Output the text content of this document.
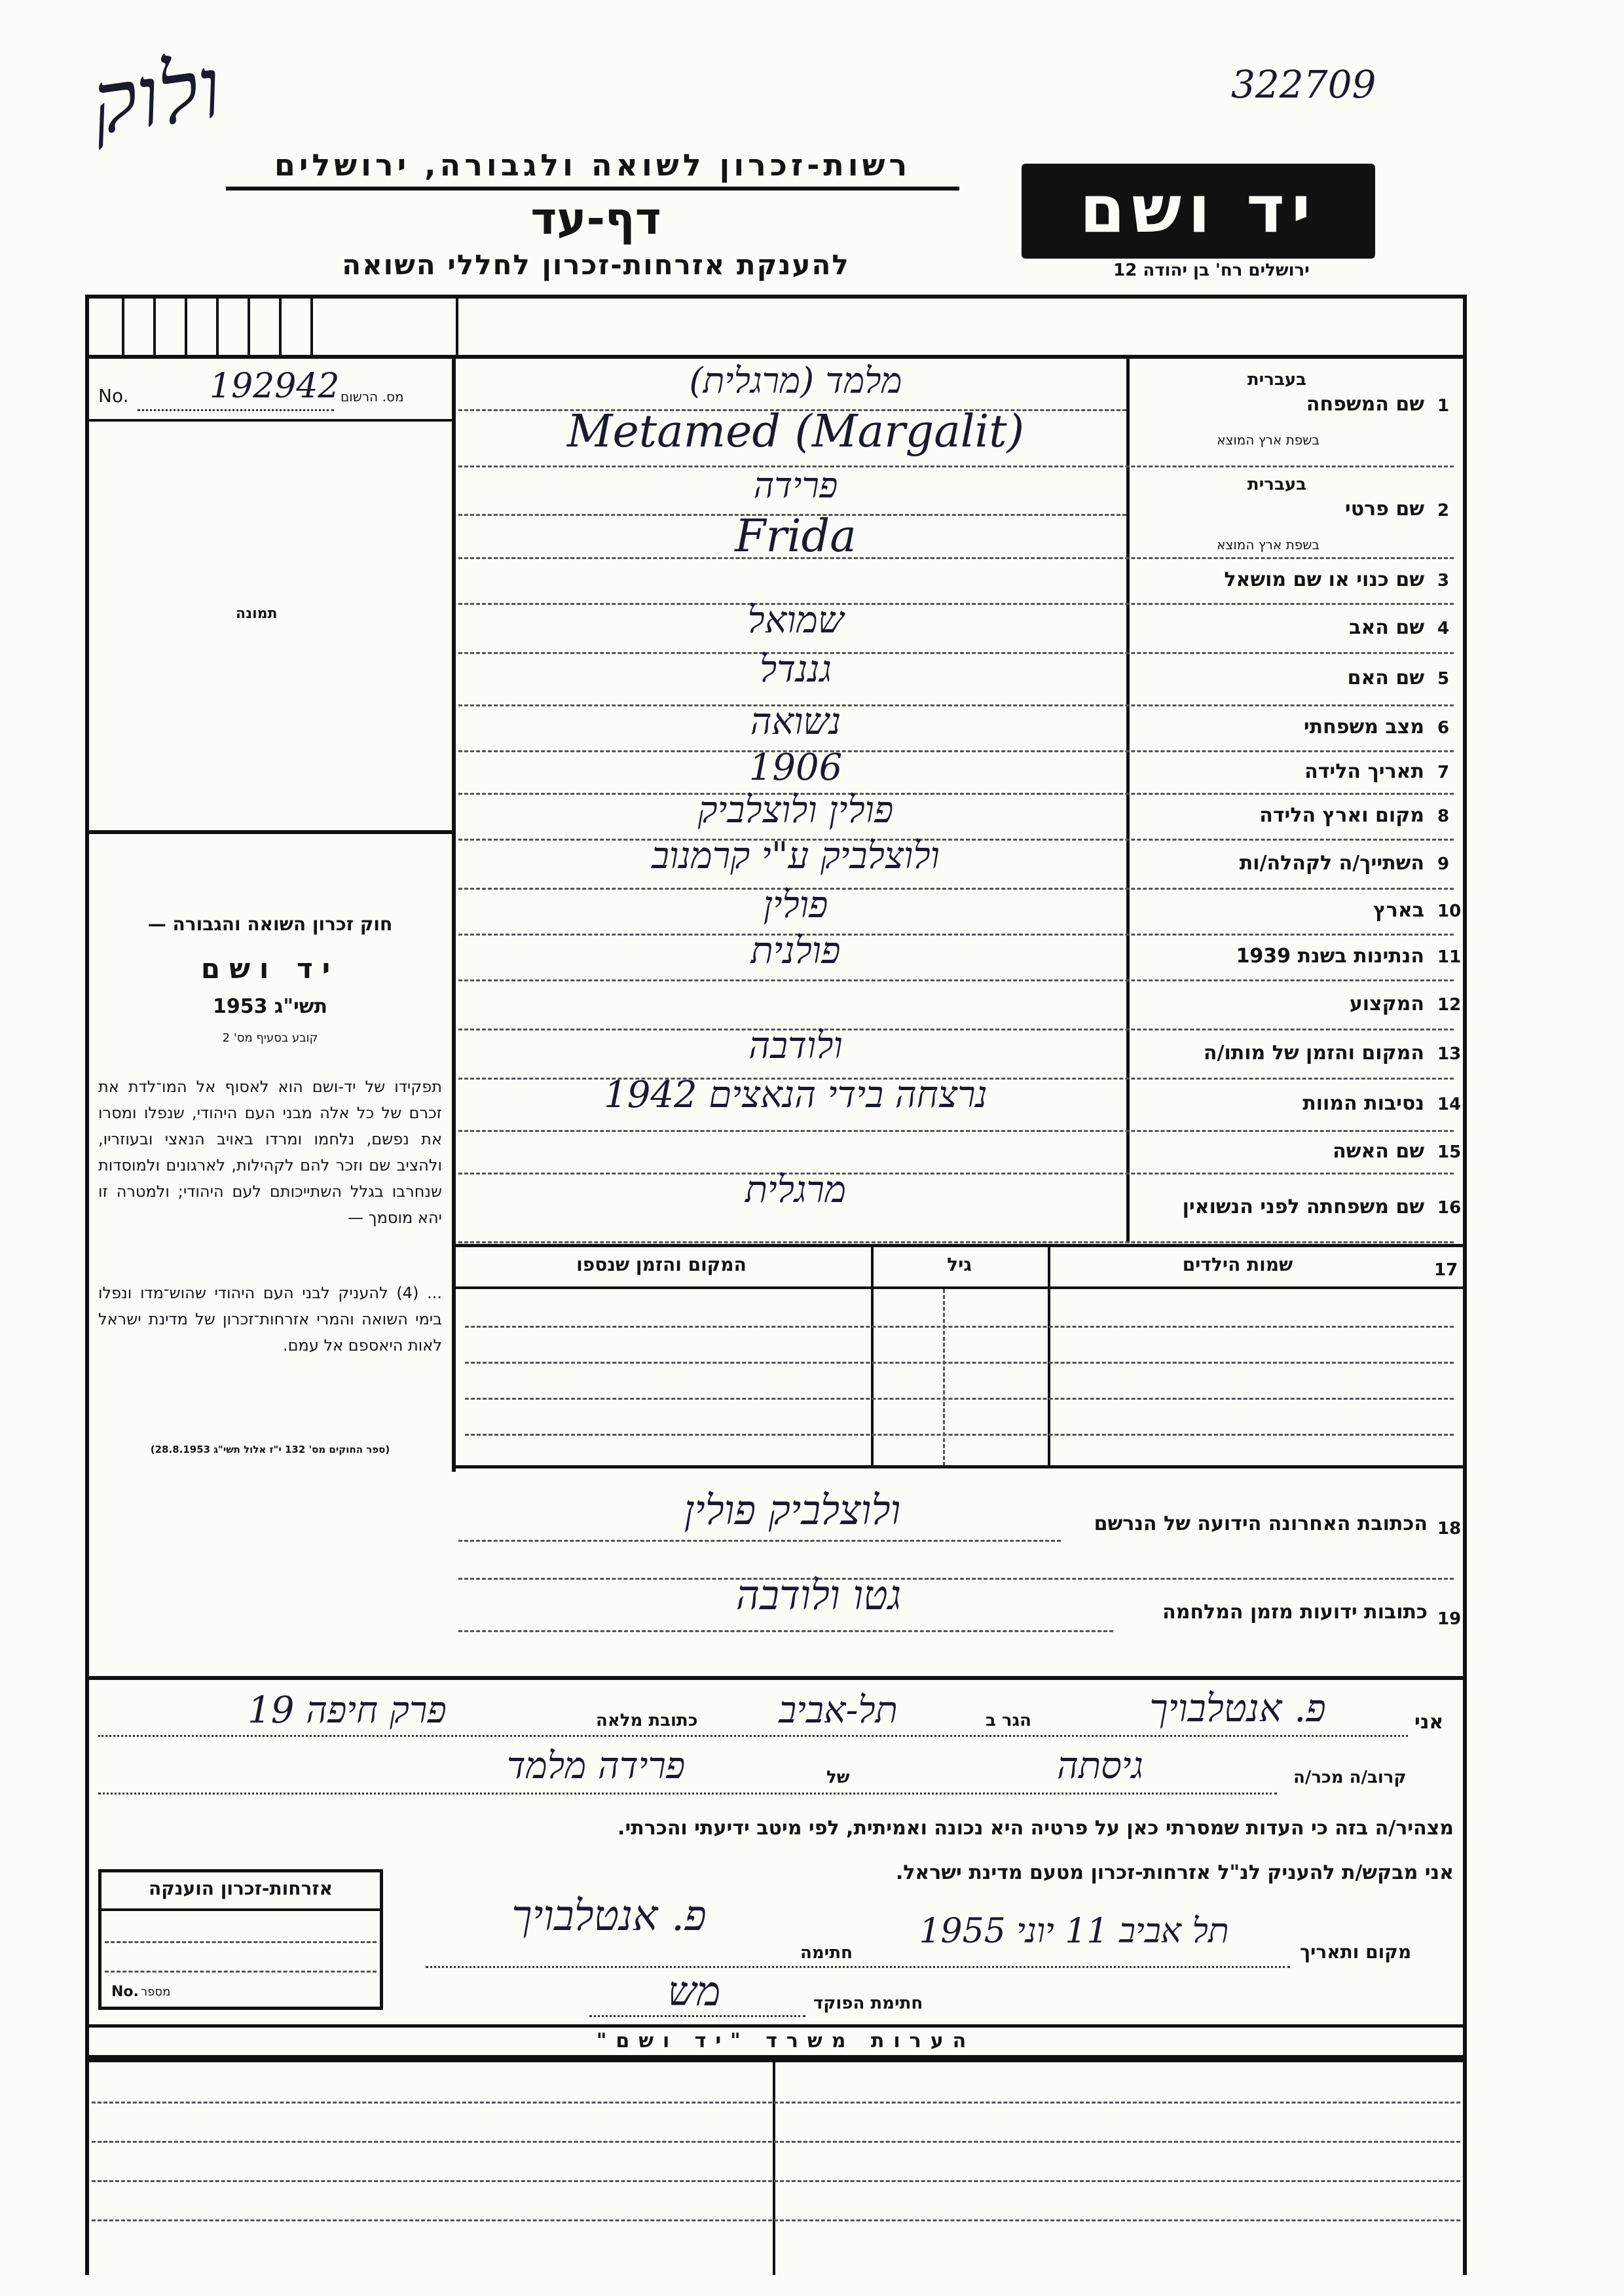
322709
ולוק
רשות-זכרון לשואה ולגבורה, ירושלים
דף-עד
להענקת אזרחות-זכרון לחללי השואה
יד ושם
ירושלים רח' בן יהודה 12
No. 192942 מס. הרשום
תמונה
חוק זכרון השואה והגבורה —
יד ושם
תשי"ג 1953
קובע בסעיף מס' 2
תפקידו של יד-ושם הוא לאסוף אל המו־לדת את זכרם של כל אלה מבני העם היהודי, שנפלו ומסרו את נפשם, נלחמו ומרדו באויב הנאצי ובעוזריו, ולהציב שם וזכר להם לקהילות, לארגונים ולמוסדות שנחרבו בגלל השתייכותם לעם היהודי; ולמטרה זו יהא מוסמך —
... (4) להעניק לבני העם היהודי שהוש־מדו ונפלו בימי השואה והמרי אזרחות־זכרון של מדינת ישראל לאות היאספם אל עמם.
(ספר החוקים מס' 132 י"ז אלול תשי"ג 28.8.1953)
1
שם המשפחה
בעברית
בשפת ארץ המוצא
מלמד (מרגלית)
Metamed (Margalit)
2
שם פרטי
בעברית
בשפת ארץ המוצא
פרידה
Frida
3
שם כנוי או שם מושאל
4
שם האב
שמואל
5
שם האם
גננדל
6
מצב משפחתי
נשואה
7
תאריך הלידה
1906
8
מקום וארץ הלידה
פולין ולוצלביק
9
השתייך/ה לקהלה/ות
ולוצלביק ע"י קרמנוב
10
בארץ
פולין
11
הנתינות בשנת 1939
פולנית
12
המקצוע
13
המקום והזמן של מותו/ה
ולודבה
14
נסיבות המוות
נרצחה בידי הנאצים 1942
15
שם האשה
16
שם משפחתה לפני הנשואין
מרגלית
17
שמות הילדים
גיל
המקום והזמן שנספו
18
הכתובת האחרונה הידועה של הנרשם
ולוצלביק פולין
19
כתובות ידועות מזמן המלחמה
גטו ולודבה
אני
פ. אנטלבויך
הגר ב
תל-אביב
כתובת מלאה
פרק חיפה 19
קרוב/ה מכר/ה
גיסתה
של
פרידה מלמד
מצהיר/ה בזה כי העדות שמסרתי כאן על פרטיה היא נכונה ואמיתית, לפי מיטב ידיעתי והכרתי.
אני מבקש/ת להעניק לנ"ל אזרחות-זכרון מטעם מדינת ישראל.
מקום ותאריך
תל אביב 11 יוני 1955
חתימה
פ. אנטלבויך
חתימת הפוקד
מש
אזרחות-זכרון הוענקה
No. מספר
הערות משרד "יד ושם"
